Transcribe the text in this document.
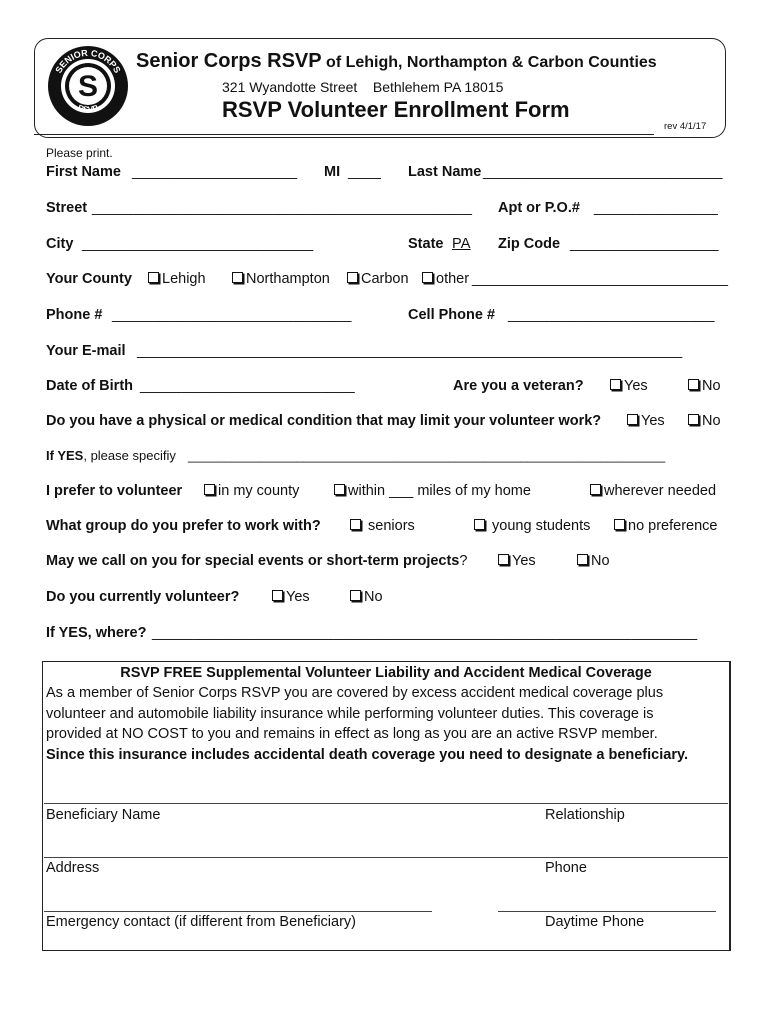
S
SENIOR CORPS
RSVP
Senior Corps RSVP of Lehigh, Northampton & Carbon Counties
321 Wyandotte Street Bethlehem PA 18015
RSVP Volunteer Enrollment Form
rev 4/1/17
Please print.
First Name ____________________ MI ____ Last Name _____________________________
Street ______________________________________________ Apt or P.O.# _______________
City ____________________________	State PA Zip Code __________________
Your County	Lehigh	Northampton	Carbon	other _______________________________
Phone # _____________________________	Cell Phone # _________________________
Your E-mail __________________________________________________________________
Date of Birth __________________________	Are you a veteran?	Yes	No
Do you have a physical or medical condition that may limit your volunteer work?	Yes	No
If YES, please specifiy __________________________________________________________________
I prefer to volunteer	in my county	within ___ miles of my home	wherever needed
What group do you prefer to work with?	seniors	young students	no preference
May we call on you for special events or short-term projects?	Yes	No
Do you currently volunteer?	Yes	No
If YES, where? __________________________________________________________________
RSVP FREE Supplemental Volunteer Liability and Accident Medical Coverage
As a member of Senior Corps RSVP you are covered by excess accident medical coverage plus
volunteer and automobile liability insurance while performing volunteer duties. This coverage is
provided at NO COST to you and remains in effect as long as you are an active RSVP member.
Since this insurance includes accidental death coverage you need to designate a beneficiary.
Beneficiary Name	Relationship
Address	Phone
Emergency contact (if different from Beneficiary)	Daytime Phone
